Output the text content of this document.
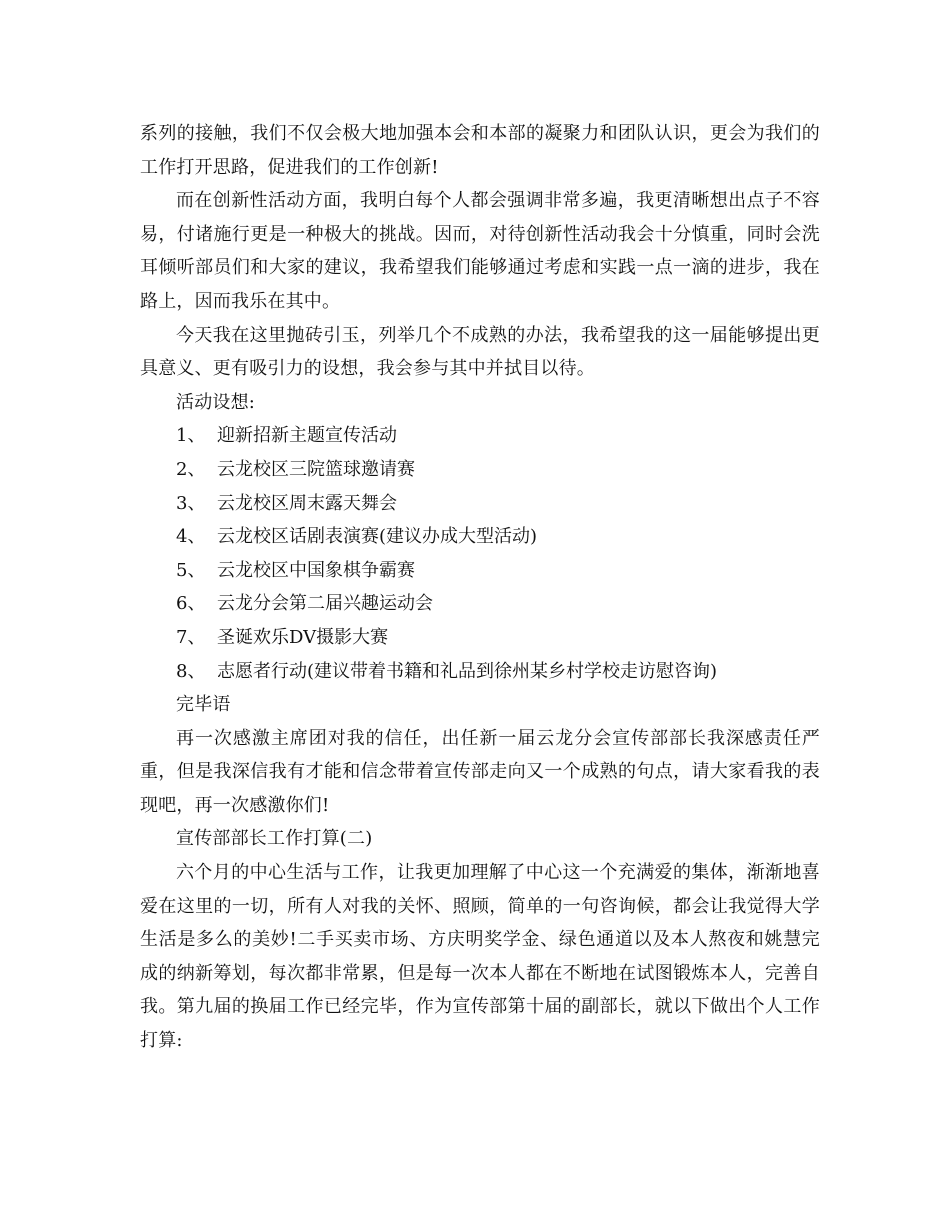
系列的接触，我们不仅会极大地加强本会和本部的凝聚力和团队认识，更会为我们的工作打开思路，促进我们的工作创新!

而在创新性活动方面，我明白每个人都会强调非常多遍，我更清晰想出点子不容易，付诸施行更是一种极大的挑战。因而，对待创新性活动我会十分慎重，同时会洗耳倾听部员们和大家的建议，我希望我们能够通过考虑和实践一点一滴的进步，我在路上，因而我乐在其中。

今天我在这里抛砖引玉，列举几个不成熟的办法，我希望我的这一届能够提出更具意义、更有吸引力的设想，我会参与其中并拭目以待。

活动设想:

1、 迎新招新主题宣传活动
2、 云龙校区三院篮球邀请赛
3、 云龙校区周末露天舞会
4、 云龙校区话剧表演赛(建议办成大型活动)
5、 云龙校区中国象棋争霸赛
6、 云龙分会第二届兴趣运动会
7、 圣诞欢乐DV摄影大赛
8、 志愿者行动(建议带着书籍和礼品到徐州某乡村学校走访慰咨询)

完毕语

再一次感激主席团对我的信任，出任新一届云龙分会宣传部部长我深感责任严重，但是我深信我有才能和信念带着宣传部走向又一个成熟的句点，请大家看我的表现吧，再一次感激你们!

宣传部部长工作打算(二)

六个月的中心生活与工作，让我更加理解了中心这一个充满爱的集体，渐渐地喜爱在这里的一切，所有人对我的关怀、照顾，简单的一句咨询候，都会让我觉得大学生活是多么的美妙!二手买卖市场、方庆明奖学金、绿色通道以及本人熬夜和姚慧完成的纳新筹划，每次都非常累，但是每一次本人都在不断地在试图锻炼本人，完善自我。第九届的换届工作已经完毕，作为宣传部第十届的副部长，就以下做出个人工作打算:
